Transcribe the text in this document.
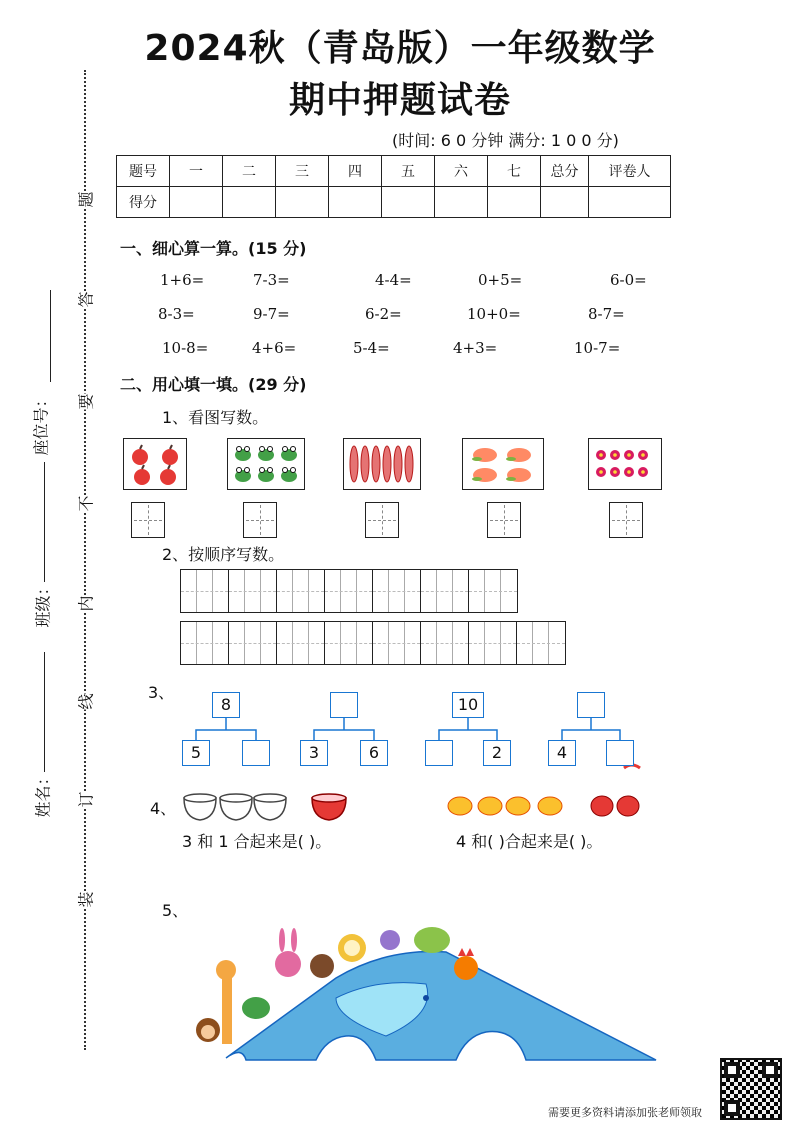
2024秋（青岛版）一年级数学
期中押题试卷
(时间: 6 0 分钟 满分: 1 0 0 分)
装
订
线
内
不
要
答
题
姓名：
班级：
座位号：
题号	一	二	三	四	五	六	七	总分	评卷人
得分									
一、细心算一算。(15 分)
1+6=	7-3=	4-4=	0+5=	6-0=
8-3=	9-7=	6-2=	10+0=	8-7=
10-8=	4+6=	5-4=	4+3=	10-7=
二、用心填一填。(29 分)
1、看图写数。
2、按顺序写数。
3、
8
5	3	6
10
2	4
4、
3 和 1 合起来是( )。	4 和( )合起来是( )。
5、
需要更多资料请添加张老师领取
